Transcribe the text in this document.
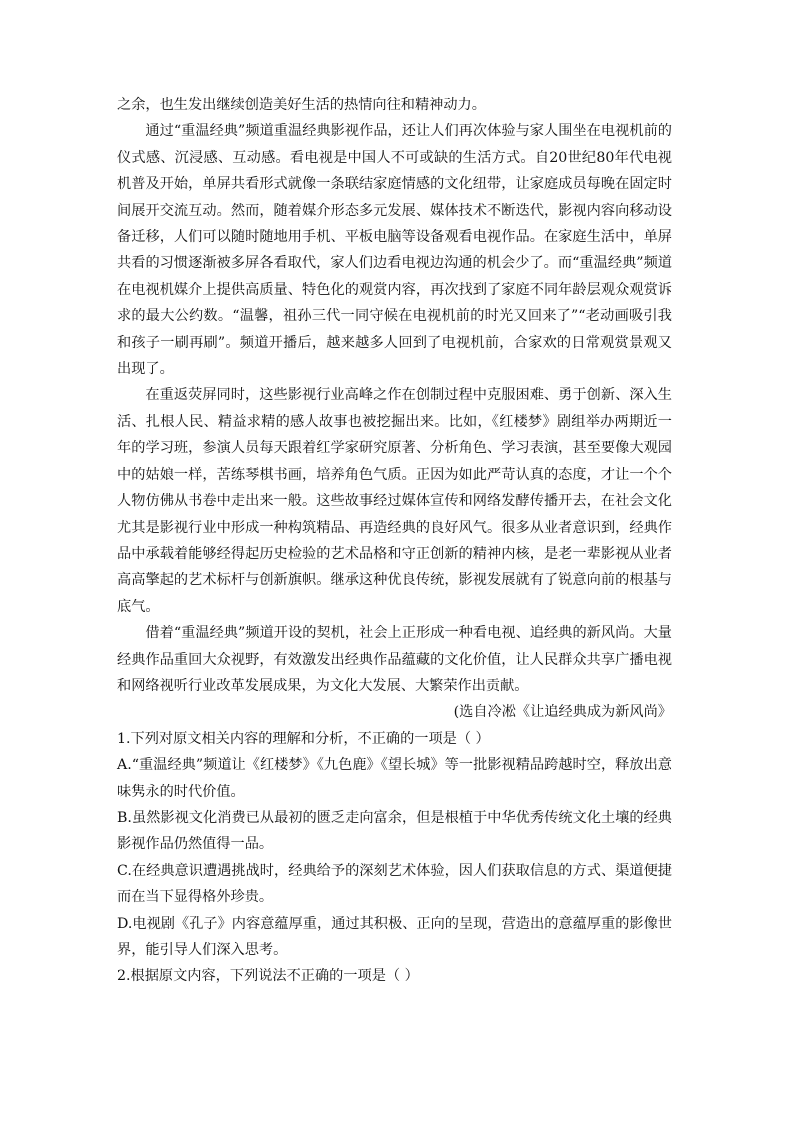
之余，也生发出继续创造美好生活的热情向往和精神动力。

通过“重温经典”频道重温经典影视作品，还让人们再次体验与家人围坐在电视机前的仪式感、沉浸感、互动感。看电视是中国人不可或缺的生活方式。自20世纪80年代电视机普及开始，单屏共看形式就像一条联结家庭情感的文化纽带，让家庭成员每晚在固定时间展开交流互动。然而，随着媒介形态多元发展、媒体技术不断迭代，影视内容向移动设备迁移，人们可以随时随地用手机、平板电脑等设备观看电视作品。在家庭生活中，单屏共看的习惯逐渐被多屏各看取代，家人们边看电视边沟通的机会少了。而“重温经典”频道在电视机媒介上提供高质量、特色化的观赏内容，再次找到了家庭不同年龄层观众观赏诉求的最大公约数。“温馨，祖孙三代一同守候在电视机前的时光又回来了”“老动画吸引我和孩子一刷再刷”。频道开播后，越来越多人回到了电视机前，合家欢的日常观赏景观又出现了。

在重返荧屏同时，这些影视行业高峰之作在创制过程中克服困难、勇于创新、深入生活、扎根人民、精益求精的感人故事也被挖掘出来。比如，《红楼梦》剧组举办两期近一年的学习班，参演人员每天跟着红学家研究原著、分析角色、学习表演，甚至要像大观园中的姑娘一样，苦练琴棋书画，培养角色气质。正因为如此严苛认真的态度，才让一个个人物仿佛从书卷中走出来一般。这些故事经过媒体宣传和网络发酵传播开去，在社会文化尤其是影视行业中形成一种构筑精品、再造经典的良好风气。很多从业者意识到，经典作品中承载着能够经得起历史检验的艺术品格和守正创新的精神内核，是老一辈影视从业者高高擎起的艺术标杆与创新旗帜。继承这种优良传统，影视发展就有了锐意向前的根基与底气。

借着“重温经典”频道开设的契机，社会上正形成一种看电视、追经典的新风尚。大量经典作品重回大众视野，有效激发出经典作品蕴藏的文化价值，让人民群众共享广播电视和网络视听行业改革发展成果，为文化大发展、大繁荣作出贡献。

(选自冷凇《让追经典成为新风尚》

1.下列对原文相关内容的理解和分析，不正确的一项是（ ）

A.“重温经典”频道让《红楼梦》《九色鹿》《望长城》等一批影视精品跨越时空，释放出意味隽永的时代价值。

B.虽然影视文化消费已从最初的匮乏走向富余，但是根植于中华优秀传统文化土壤的经典影视作品仍然值得一品。

C.在经典意识遭遇挑战时，经典给予的深刻艺术体验，因人们获取信息的方式、渠道便捷而在当下显得格外珍贵。

D.电视剧《孔子》内容意蕴厚重，通过其积极、正向的呈现，营造出的意蕴厚重的影像世界，能引导人们深入思考。

2.根据原文内容，下列说法不正确的一项是（ ）
